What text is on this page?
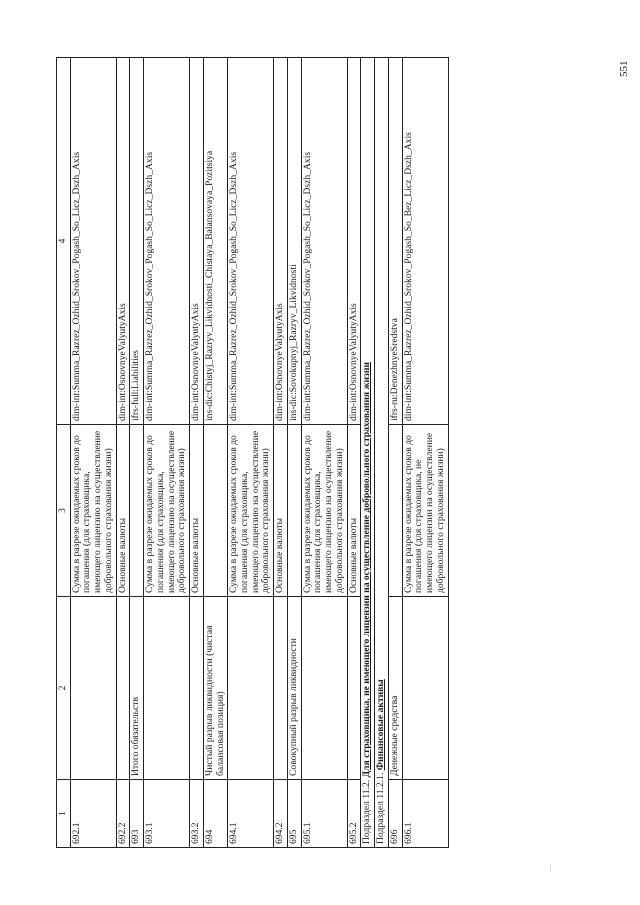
1	2	3	4
692.1		Сумма в разрезе ожидаемых сроков до погашения (для страховщика, имеющего лицензию на осуществление добровольного страхования жизни)	dim-int:Summa_Razrez_Ozhid_Srokov_Pogash_So_Licz_Dszh_Axis
692.2		Основные валюты	dim-int:OsnovnyeValyutyAxis
693	Итого обязательств		ifrs-full:Liabilities
693.1		Сумма в разрезе ожидаемых сроков до погашения (для страховщика, имеющего лицензию на осуществление добровольного страхования жизни)	dim-int:Summa_Razrez_Ozhid_Srokov_Pogash_So_Licz_Dszh_Axis
693.2		Основные валюты	dim-int:OsnovnyeValyutyAxis
694	Чистый разрыв ликвидности (чистая балансовая позиция)		ins-dic:Chistyj_Razryv_Likvidnosti_Chistaya_Balansovaya_Pozitsiya
694.1		Сумма в разрезе ожидаемых сроков до погашения (для страховщика, имеющего лицензию на осуществление добровольного страхования жизни)	dim-int:Summa_Razrez_Ozhid_Srokov_Pogash_So_Licz_Dszh_Axis
694.2		Основные валюты	dim-int:OsnovnyeValyutyAxis
695	Совокупный разрыв ликвидности		ins-dic:Sovokupnyj_Razryv_Likvidnosti
695.1		Сумма в разрезе ожидаемых сроков до погашения (для страховщика, имеющего лицензию на осуществление добровольного страхования жизни)	dim-int:Summa_Razrez_Ozhid_Srokov_Pogash_So_Licz_Dszh_Axis
695.2		Основные валюты	dim-int:OsnovnyeValyutyAxis
Подраздел 11.2. Для страховщика, не имеющего лицензии на осуществление добровольного страхования жизни			
Подраздел 11.2.1. Финансовые активы			
696	Денежные средства		ifrs-ru:DenezhnyeSredstva
696.1		Сумма в разрезе ожидаемых сроков до погашения (для страховщика, не имеющего лицензии на осуществление добровольного страхования жизни)	dim-int:Summa_Razrez_Ozhid_Srokov_Pogash_So_Bez_Licz_Dszh_Axis
551
...
